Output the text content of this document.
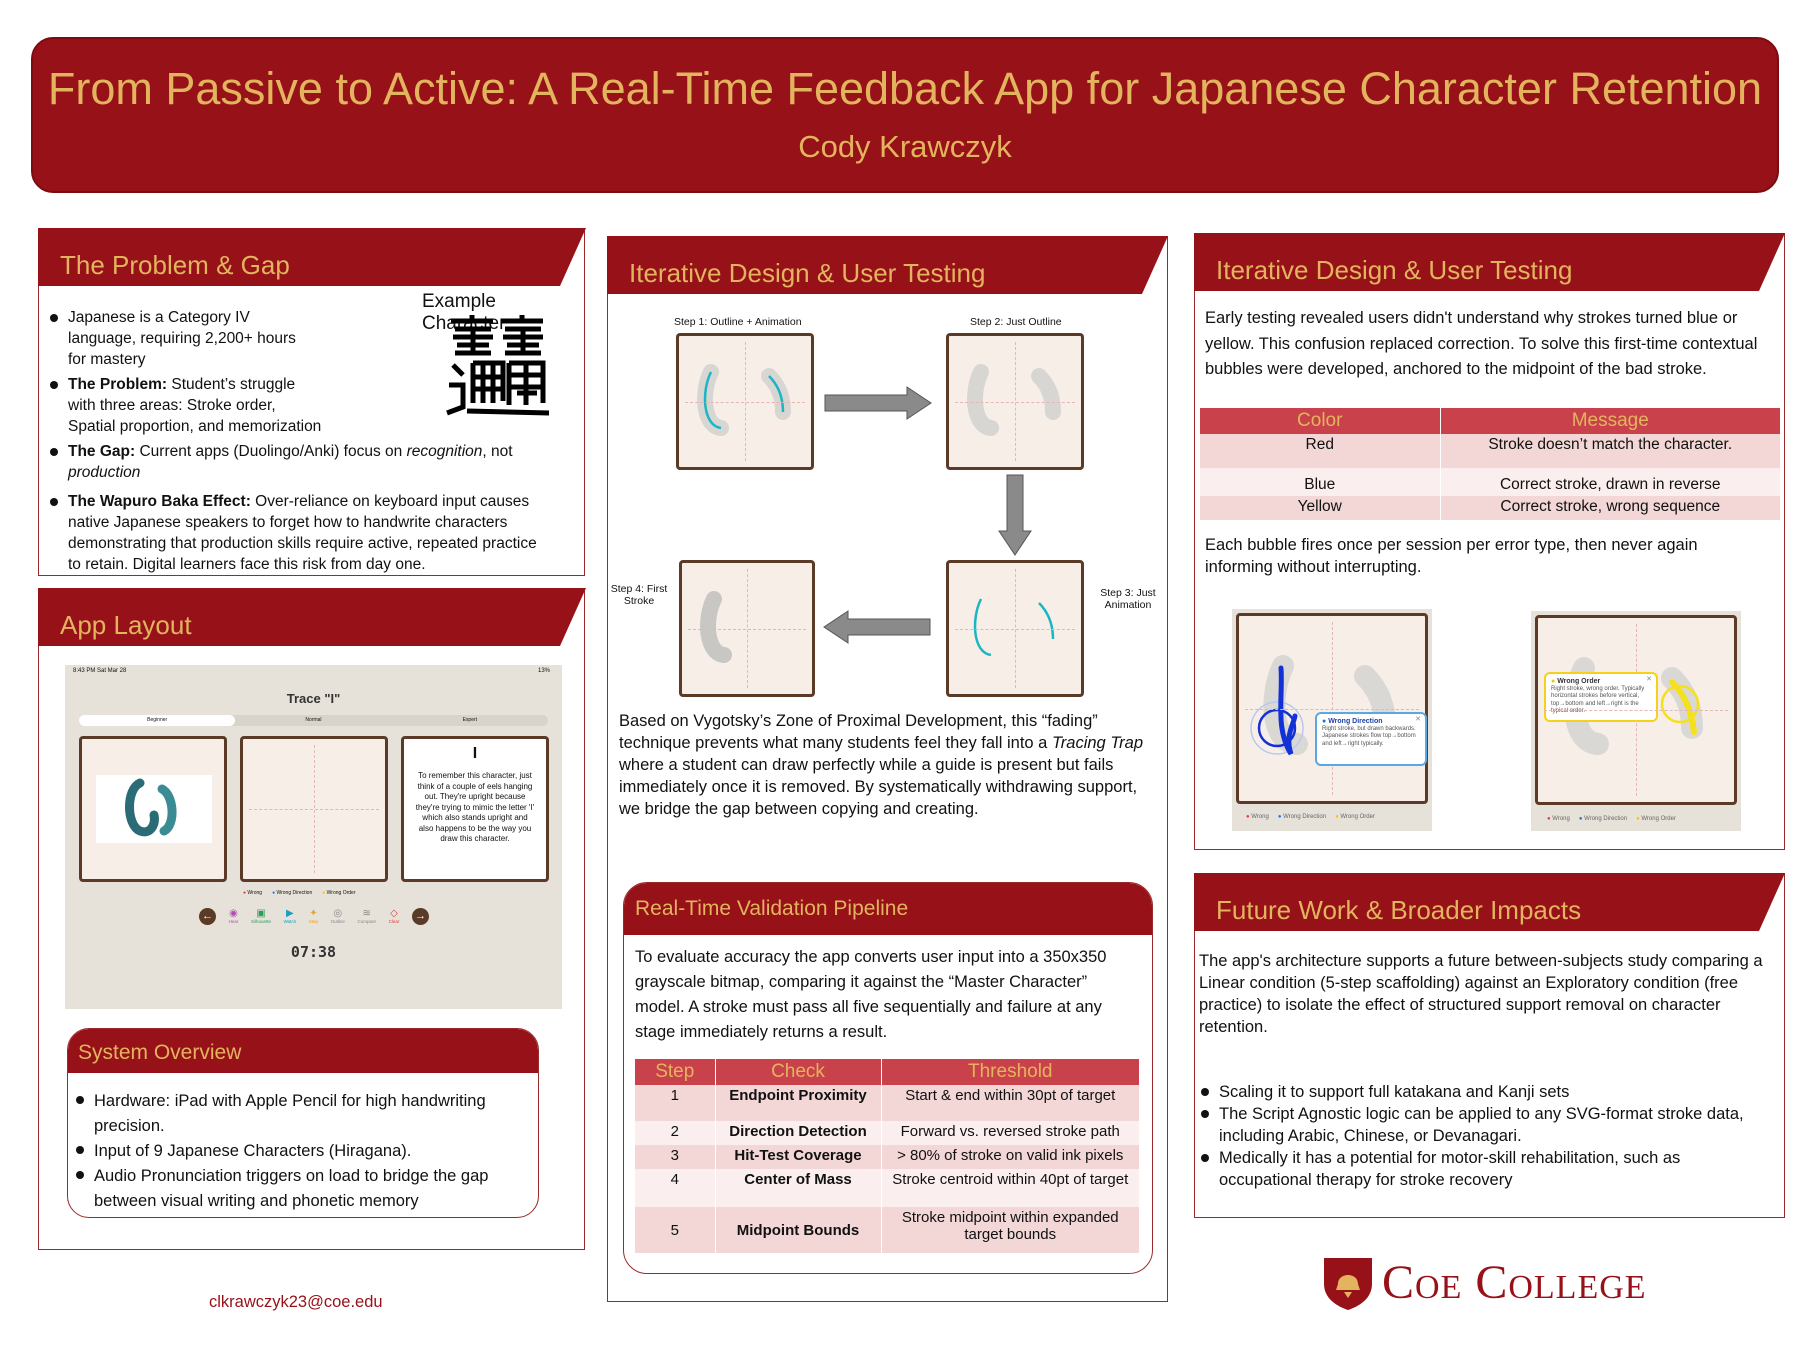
From Passive to Active: A Real-Time Feedback App for Japanese Character Retention
Cody Krawczyk
The Problem & Gap
Example Character
Japanese is a Category IV language, requiring 2,200+ hours for mastery
The Problem: Student’s struggle with three areas: Stroke order, Spatial proportion, and memorization
The Gap: Current apps (Duolingo/Anki) focus on recognition, not production
The Wapuro Baka Effect: Over-reliance on keyboard input causes native Japanese speakers to forget how to handwrite characters demonstrating that production skills require active, repeated practice to retain. Digital learners face this risk from day one.
App Layout
8:43 PM Sat Mar 28	13%
Trace "I"
Beginner	Normal	Expert
I
To remember this character, just think of a couple of eels hanging out. They're upright because they're trying to mimic the letter 'I' which also stands upright and also happens to be the way you draw this character.
● Wrong ● Wrong Direction ● Wrong Order
←	◉
Hear
▣
Silhouette
▶
Watch
✦
Step
◎
Outline
≋
Compare
◇
Clear →
07:38
System Overview
Hardware: iPad with Apple Pencil for high handwriting precision.
Input of 9 Japanese Characters (Hiragana).
Audio Pronunciation triggers on load to bridge the gap between visual writing and phonetic memory
clkrawczyk23@coe.edu
Iterative Design & User Testing
Step 1: Outline + Animation	Step 2: Just Outline
Step 3: Just Animation
Step 4: First Stroke
Based on Vygotsky’s Zone of Proximal Development, this “fading” technique prevents what many students feel they fall into a Tracing Trap where a student can draw perfectly while a guide is present but fails immediately once it is removed. By systematically withdrawing support, we bridge the gap between copying and creating.
Real-Time Validation Pipeline
To evaluate accuracy the app converts user input into a 350x350 grayscale bitmap, comparing it against the “Master Character” model. A stroke must pass all five sequentially and failure at any stage immediately returns a result.
Step	Check	Threshold
1	Endpoint Proximity	Start & end within 30pt of target
2	Direction Detection	Forward vs. reversed stroke path
3	Hit-Test Coverage	> 80% of stroke on valid ink pixels
4	Center of Mass	Stroke centroid within 40pt of target
5	Midpoint Bounds	Stroke midpoint within expanded target bounds
Iterative Design & User Testing
Early testing revealed users didn't understand why strokes turned blue or yellow. This confusion replaced correction. To solve this first-time contextual bubbles were developed, anchored to the midpoint of the bad stroke.
Color	Message
Red	Stroke doesn’t match the character.
Blue	Correct stroke, drawn in reverse
Yellow	Correct stroke, wrong sequence
Each bubble fires once per session per error type, then never again informing without interrupting.
● Wrong Direction
Right stroke, but drawn backwards. Japanese strokes flow top→bottom and left→right typically.
✕
● Wrong ● Wrong Direction ● Wrong Order
● Wrong Order
Right stroke, wrong order. Typically horizontal strokes before vertical, top→bottom and left→right is the typical order.
✕
● Wrong ● Wrong Direction ● Wrong Order
Future Work & Broader Impacts
The app's architecture supports a future between-subjects study comparing a Linear condition (5-step scaffolding) against an Exploratory condition (free practice) to isolate the effect of structured support removal on character retention.
Scaling it to support full katakana and Kanji sets
The Script Agnostic logic can be applied to any SVG-format stroke data, including Arabic, Chinese, or Devanagari.
Medically it has a potential for motor-skill rehabilitation, such as occupational therapy for stroke recovery
Coe College
